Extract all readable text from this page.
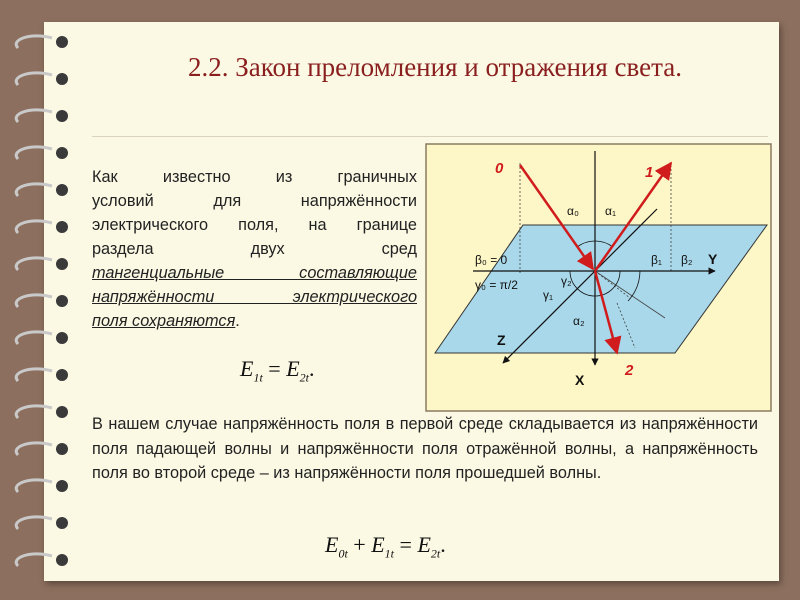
2.2. Закон преломления и отражения света.
Как известно из граничных
условий для напряжённости
электрического поля, на границе
раздела двух сред
тангенциальные составляющие
напряжённости электрического
поля сохраняются.
$E_{1t} = E_{2t}$.

В нашем случае напряжённость поля в первой среде складывается из напряжённости поля падающей волны и напряжённости поля отражённой волны, а напряжённость поля во второй среде – из напряжённости поля прошедшей волны.

$E_{0t} + E_{1t} = E_{2t}$.
0	1
2
α₀ α₁
α₂
β₀ = 0
γ₀ = π/2
β₁ β₂
γ₁
γ₂
Y
Z
X
